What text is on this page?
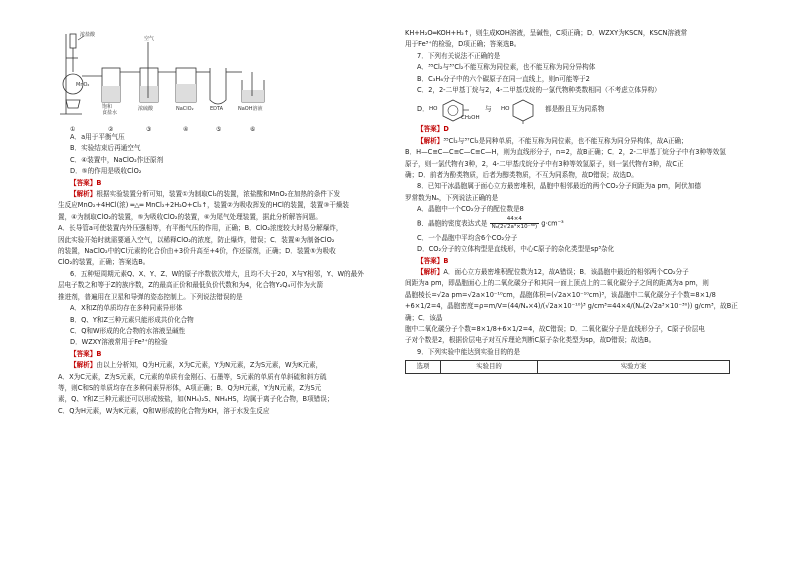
浓盐酸
空气
MnO₂
饱和
食盐水
浓硫酸	NaClO₂	EDTA	NaOH溶液
①	②	③	④	⑤	⑥

A．a用于平衡气压

B．实验结束后再通空气

C．④装置中，NaClO₂作还原剂

D．⑤的作用是吸收ClO₂

【答案】B

【解析】根据实验装置分析可知，装置①为制取Cl₂的装置，浓盐酸和MnO₂在加热的条件下发

生反应MnO₂+4HCl(浓) ═△═ MnCl₂+2H₂O+Cl₂↑，装置②为吸收挥发的HCl的装置，装置③干燥装

置，④为制取ClO₂的装置，⑤为吸收ClO₂的装置，⑥为尾气处理装置，据此分析解答问题。

A．长导管a可使装置内外压强相等，有平衡气压的作用，正确；B．ClO₂浓度较大时易分解爆炸，

因此实验开始时就需要通入空气，以稀释ClO₂的浓度，防止爆炸，错误；C．装置④为制备ClO₂

的装置，NaClO₂中的Cl元素的化合价由+3价升高至+4价，作还原剂，正确；D．装置⑤为吸收

ClO₂的装置，正确；答案选B。

6．五种短周期元素Q、X、Y、Z、W的原子序数依次增大，且均不大于20，X与Y相邻，Y、W的最外

层电子数之和等于Z的族序数，Z的最高正价和最低负价代数和为4，化合物Y₂Q₄可作为火箭

推进剂，普遍用在卫星和导弹的姿态控制上。下列说法错误的是

A．X和Z的单质均存在多种同素异形体

B．Q、Y和Z三种元素只能形成共价化合物

C．Q和W形成的化合物的水溶液呈碱性

D．WZXY溶液常用于Fe³⁺的检验

【答案】B

【解析】由以上分析知，Q为H元素，X为C元素，Y为N元素，Z为S元素，W为K元素，

A．X为C元素，Z为S元素，C元素的单质有金刚石、石墨等，S元素的单质有单斜硫和斜方硫

等，则C和S的单质均存在多种同素异形体，A项正确；B．Q为H元素，Y为N元素，Z为S元

素，Q、Y和Z三种元素还可以形成铵盐，如(NH₄)₂S、NH₄HS，均属于离子化合物，B项错误；

C．Q为H元素，W为K元素，Q和W形成的化合物为KH，溶于水发生反应

KH+H₂O═KOH+H₂↑，则生成KOH溶液，呈碱性，C项正确；D．WZXY为KSCN，KSCN溶液常

用于Fe³⁺的检验，D项正确；答案选B。

7．下列有关说法不正确的是

A．³⁵Cl₂与³⁷Cl₂不能互称为同位素，也不能互称为同分异构体

B．C₃H₆分子中的六个碳原子在同一直线上，则n可能等于2

C．2，2-二甲基丁烷与2，4-二甲基戊烷的一氯代物种类数相同（不考虑立体异构）

D． HO
CH₂OH
与 HO	都是酚且互为同系物

【答案】D

【解析】³⁵Cl₂与³⁷Cl₂是同种单质，不能互称为同位素，也不能互称为同分异构体，故A正确；

B．H—C≡C—C≡C—C≡C—H，则为直线形分子，n=2，故B正确；C．2，2-二甲基丁烷分子中有3种等效氢

原子，则一氯代物有3种，2，4-二甲基戊烷分子中有3种等效氢原子，则一氯代物有3种，故C正

确；D．前者为酚类物质，后者为醇类物质，不互为同系物，故D错误；故选D。

8．已知干冰晶胞属于面心立方最密堆积，晶胞中相邻最近的两个CO₂分子间距为a pm，阿伏加德

罗常数为Nₐ，下列说法正确的是

A．晶胞中一个CO₂分子的配位数是8

B．晶胞的密度表达式是 $\frac{44\times 4}{\text{Nₐ(2√2a³×10⁻³⁰)}} g\cdot cm^{-3}$

C．一个晶胞中平均含6个CO₂分子

D．CO₂分子的立体构型是直线形，中心C原子的杂化类型是sp³杂化

【答案】B

【解析】A．面心立方最密堆积配位数为12，故A错误；B．该晶胞中最近的相邻两个CO₂分子

间距为a pm，即晶胞面心上的二氧化碳分子和其同一面上顶点上的二氧化碳分子之间的距离为a pm，则

晶胞棱长=√2a pm=√2a×10⁻¹⁰cm，晶胞体积=(√2a×10⁻¹⁰cm)³，该晶胞中二氧化碳分子个数=8×1/8

+6×1/2=4，晶胞密度=ρ=m/V=(44/Nₐ×4)/(√2a×10⁻¹⁰)³ g/cm³=44×4/(Nₐ(2√2a³×10⁻³⁰)) g/cm³，故B正确；C．该晶

胞中二氧化碳分子个数=8×1/8+6×1/2=4，故C错误；D．二氧化碳分子是直线形分子，C原子价层电

子对个数是2，根据价层电子对互斥理论判断C原子杂化类型为sp，故D错误；故选B。

9．下列实验中能达到实验目的的是

选项	实验目的	实验方案
